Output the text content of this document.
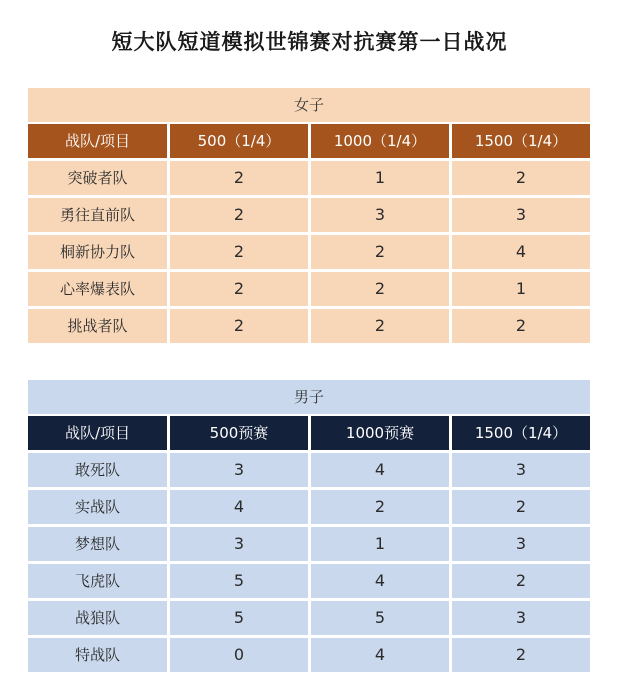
短大队短道模拟世锦赛对抗赛第一日战况
女子
战队/项目	500（1/4）	1000（1/4）	1500（1/4）
突破者队	2	1	2
勇往直前队	2	3	3
桐新协力队	2	2	4
心率爆表队	2	2	1
挑战者队	2	2	2
男子
战队/项目	500预赛	1000预赛	1500（1/4）
敢死队	3	4	3
实战队	4	2	2
梦想队	3	1	3
飞虎队	5	4	2
战狼队	5	5	3
特战队	0	4	2
